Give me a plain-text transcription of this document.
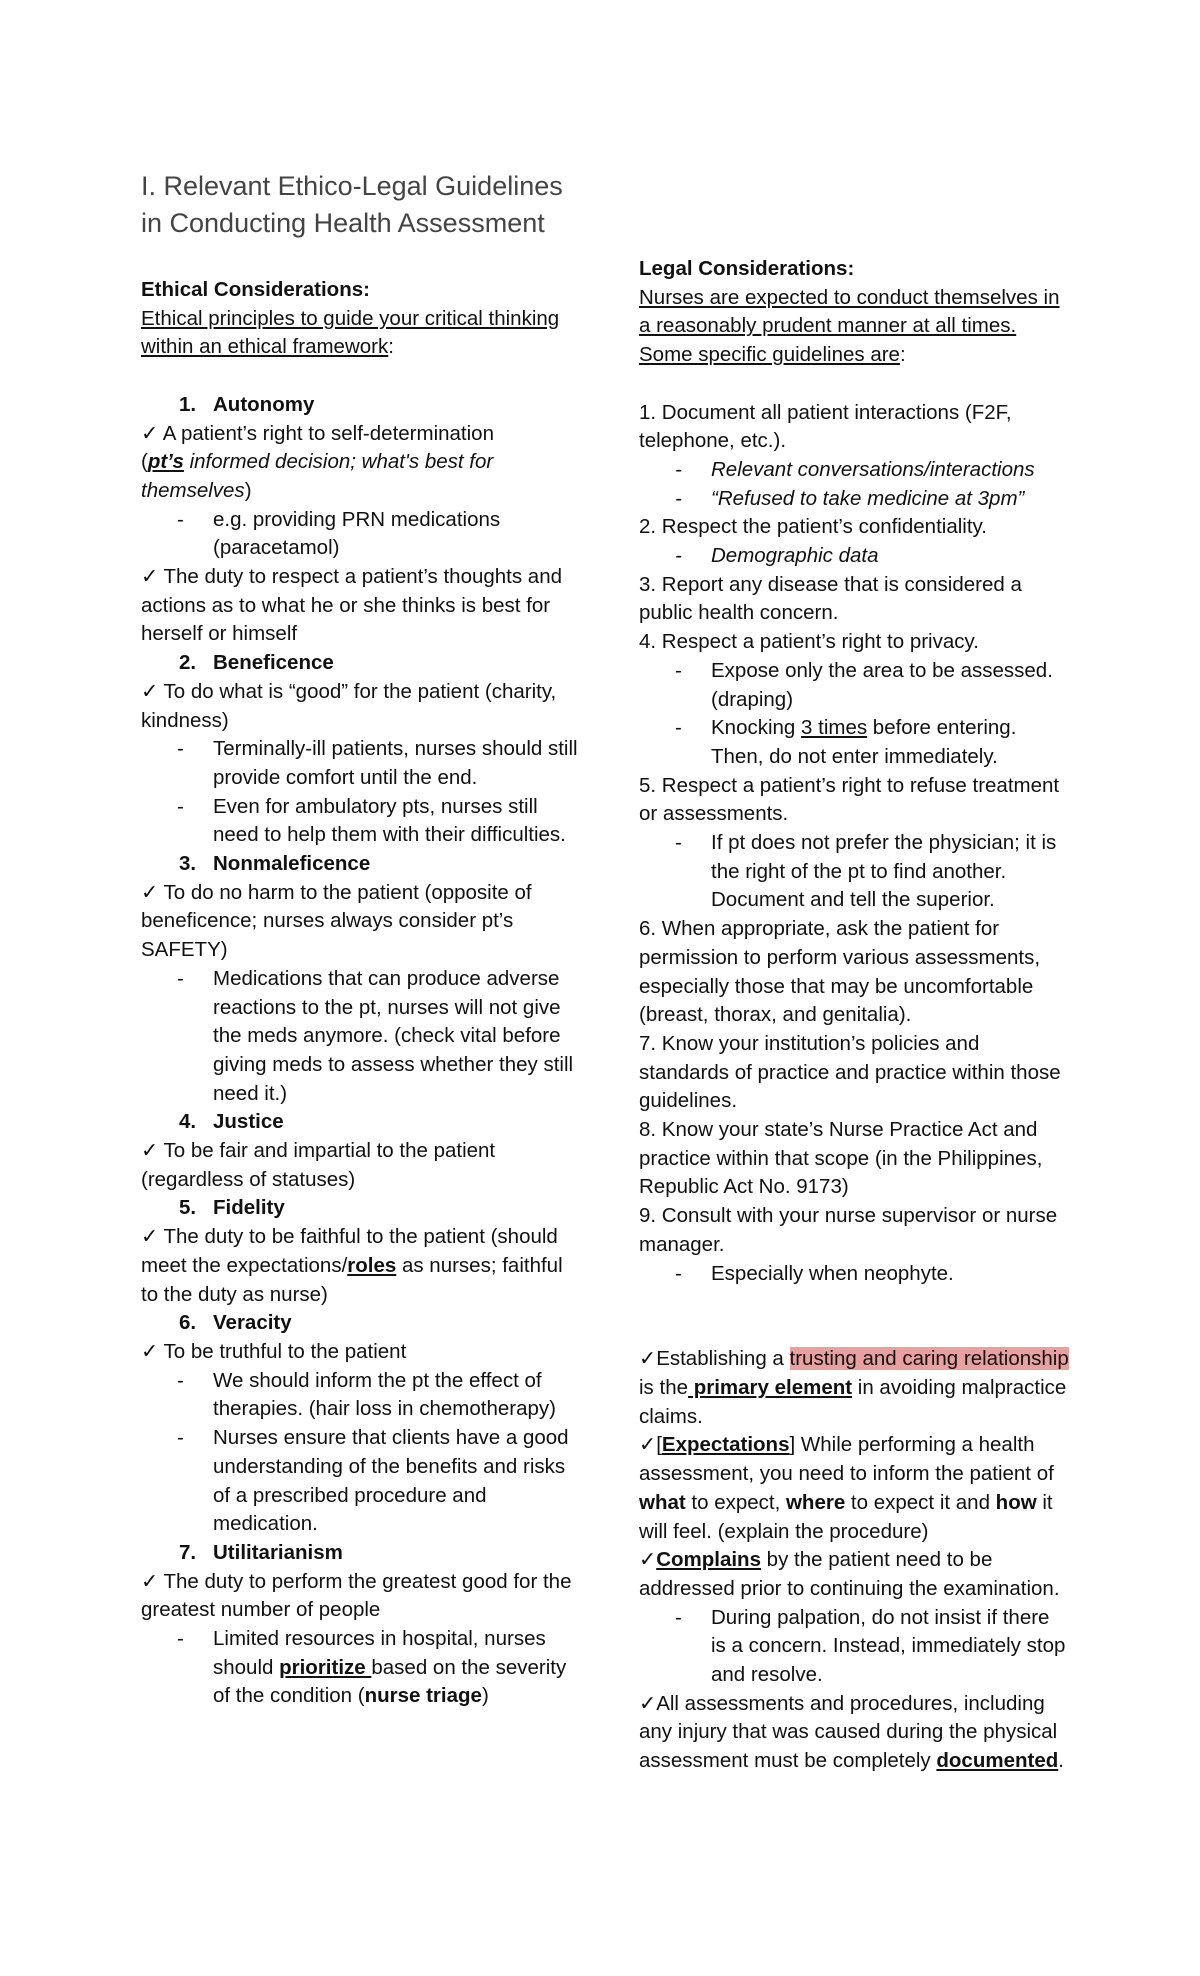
I. Relevant Ethico-Legal Guidelines in Conducting Health Assessment
Ethical Considerations:
Ethical principles to guide your critical thinking within an ethical framework:
1. Autonomy
✓ A patient’s right to self-determination
(pt’s informed decision; what's best for themselves)
- e.g. providing PRN medications (paracetamol)
✓ The duty to respect a patient’s thoughts and actions as to what he or she thinks is best for herself or himself
2. Beneficence
✓ To do what is “good” for the patient (charity, kindness)
- Terminally-ill patients, nurses should still provide comfort until the end.
- Even for ambulatory pts, nurses still need to help them with their difficulties.
3. Nonmaleficence
✓ To do no harm to the patient (opposite of beneficence; nurses always consider pt’s SAFETY)
- Medications that can produce adverse reactions to the pt, nurses will not give the meds anymore. (check vital before giving meds to assess whether they still need it.)
4. Justice
✓ To be fair and impartial to the patient (regardless of statuses)
5. Fidelity
✓ The duty to be faithful to the patient (should meet the expectations/roles as nurses; faithful to the duty as nurse)
6. Veracity
✓ To be truthful to the patient
- We should inform the pt the effect of therapies. (hair loss in chemotherapy)
- Nurses ensure that clients have a good understanding of the benefits and risks of a prescribed procedure and medication.
7. Utilitarianism
✓ The duty to perform the greatest good for the greatest number of people
- Limited resources in hospital, nurses should prioritize based on the severity of the condition (nurse triage)
Legal Considerations:
Nurses are expected to conduct themselves in a reasonably prudent manner at all times. Some specific guidelines are:
1. Document all patient interactions (F2F, telephone, etc.).
- Relevant conversations/interactions
- “Refused to take medicine at 3pm”
2. Respect the patient’s confidentiality.
- Demographic data
3. Report any disease that is considered a public health concern.
4. Respect a patient’s right to privacy.
- Expose only the area to be assessed. (draping)
- Knocking 3 times before entering. Then, do not enter immediately.
5. Respect a patient’s right to refuse treatment or assessments.
- If pt does not prefer the physician; it is the right of the pt to find another. Document and tell the superior.
6. When appropriate, ask the patient for permission to perform various assessments, especially those that may be uncomfortable (breast, thorax, and genitalia).
7. Know your institution’s policies and standards of practice and practice within those guidelines.
8. Know your state’s Nurse Practice Act and practice within that scope (in the Philippines, Republic Act No. 9173)
9. Consult with your nurse supervisor or nurse manager.
- Especially when neophyte.
✓Establishing a trusting and caring relationship is the primary element in avoiding malpractice claims.
✓[Expectations] While performing a health assessment, you need to inform the patient of what to expect, where to expect it and how it will feel. (explain the procedure)
✓Complains by the patient need to be addressed prior to continuing the examination.
- During palpation, do not insist if there is a concern. Instead, immediately stop and resolve.
✓All assessments and procedures, including any injury that was caused during the physical assessment must be completely documented.
